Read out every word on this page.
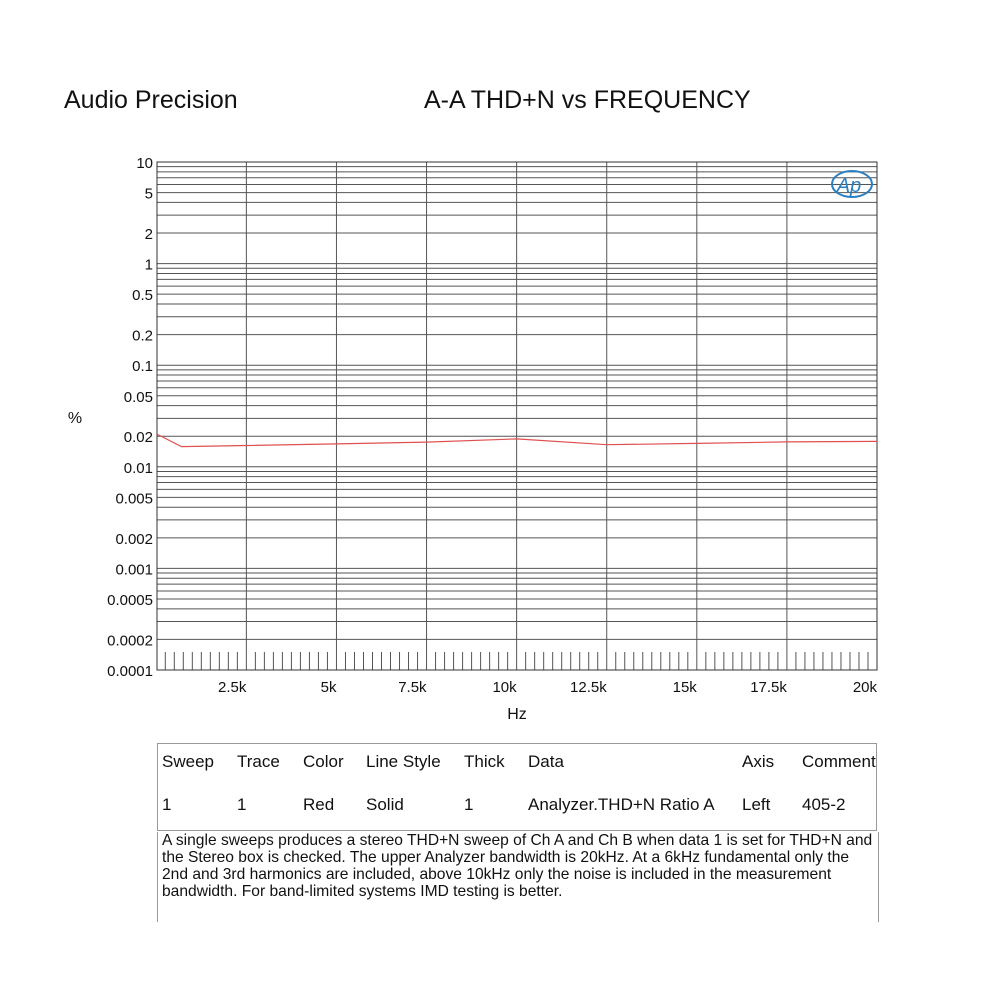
Audio Precision	A-A THD+N vs FREQUENCY
10
5
2
1
0.5
0.2
0.1
0.05
0.02
0.01
0.005
0.002
0.001
0.0005
0.0002
0.0001
2.5k	5k	7.5k	10k	12.5k	15k	17.5k	20k
%
Hz
Ap
Sweep	Trace	Color	Line Style	Thick	Data	Axis	Comment
1	1	Red	Solid	1	Analyzer.THD+N Ratio A	Left	405-2
A single sweeps produces a stereo THD+N sweep of Ch A and Ch B when data 1 is set for THD+N and the Stereo box is checked. The upper Analyzer bandwidth is 20kHz. At a 6kHz fundamental only the 2nd and 3rd harmonics are included, above 10kHz only the noise is included in the measurement bandwidth. For band-limited systems IMD testing is better.
